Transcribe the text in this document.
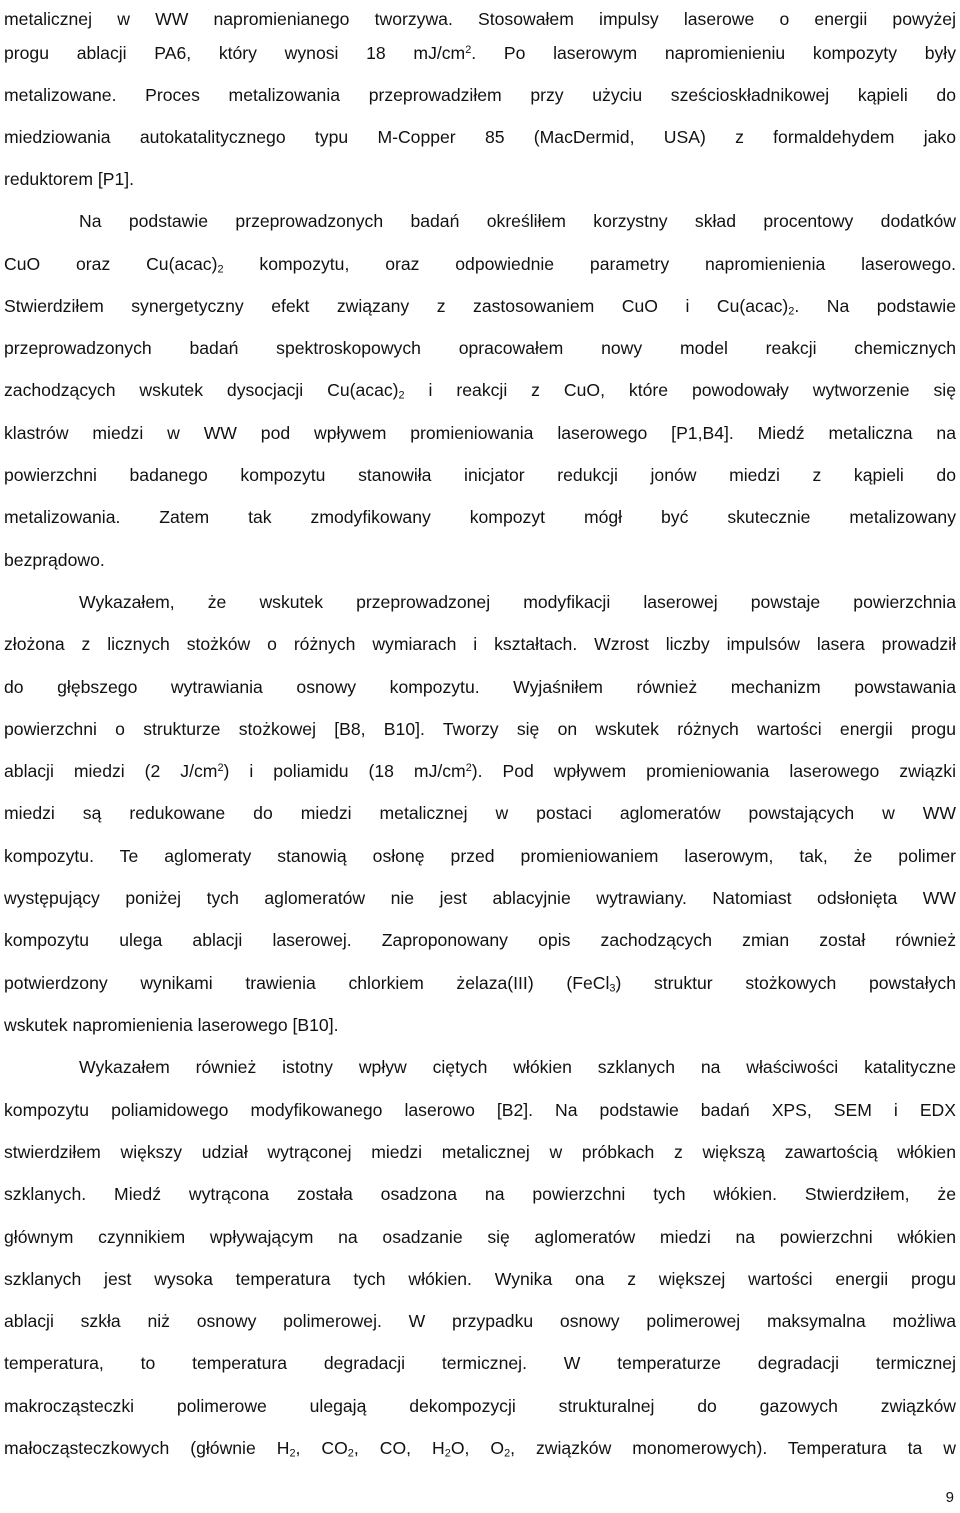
metalicznej w WW napromienianego tworzywa. Stosowałem impulsy laserowe o energii powyżej
progu ablacji PA6, który wynosi 18 $mJ/cm^2$. Po laserowym napromienieniu kompozyty były
metalizowane. Proces metalizowania przeprowadziłem przy użyciu sześcioskładnikowej kąpieli do
miedziowania autokatalitycznego typu M-Copper 85 (MacDermid, USA) z formaldehydem jako
reduktorem [P1].
Na podstawie przeprowadzonych badań określiłem korzystny skład procentowy dodatków
CuO oraz $Cu(acac)_2$ kompozytu, oraz odpowiednie parametry napromienienia laserowego.
Stwierdziłem synergetyczny efekt związany z zastosowaniem CuO i $Cu(acac)_2$. Na podstawie
przeprowadzonych badań spektroskopowych opracowałem nowy model reakcji chemicznych
zachodzących wskutek dysocjacji $Cu(acac)_2$ i reakcji z CuO, które powodowały wytworzenie się
klastrów miedzi w WW pod wpływem promieniowania laserowego [P1,B4]. Miedź metaliczna na
powierzchni badanego kompozytu stanowiła inicjator redukcji jonów miedzi z kąpieli do
metalizowania. Zatem tak zmodyfikowany kompozyt mógł być skutecznie metalizowany
bezprądowo.
Wykazałem, że wskutek przeprowadzonej modyfikacji laserowej powstaje powierzchnia
złożona z licznych stożków o różnych wymiarach i kształtach. Wzrost liczby impulsów lasera prowadził
do głębszego wytrawiania osnowy kompozytu. Wyjaśniłem również mechanizm powstawania
powierzchni o strukturze stożkowej [B8, B10]. Tworzy się on wskutek różnych wartości energii progu
ablacji miedzi (2 $J/cm^2$) i poliamidu (18 $mJ/cm^2$). Pod wpływem promieniowania laserowego związki
miedzi są redukowane do miedzi metalicznej w postaci aglomeratów powstających w WW
kompozytu. Te aglomeraty stanowią osłonę przed promieniowaniem laserowym, tak, że polimer
występujący poniżej tych aglomeratów nie jest ablacyjnie wytrawiany. Natomiast odsłonięta WW
kompozytu ulega ablacji laserowej. Zaproponowany opis zachodzących zmian został również
potwierdzony wynikami trawienia chlorkiem żelaza(III) (FeCl$_3$) struktur stożkowych powstałych
wskutek napromienienia laserowego [B10].
Wykazałem również istotny wpływ ciętych włókien szklanych na właściwości katalityczne
kompozytu poliamidowego modyfikowanego laserowo [B2]. Na podstawie badań XPS, SEM i EDX
stwierdziłem większy udział wytrąconej miedzi metalicznej w próbkach z większą zawartością włókien
szklanych. Miedź wytrącona została osadzona na powierzchni tych włókien. Stwierdziłem, że
głównym czynnikiem wpływającym na osadzanie się aglomeratów miedzi na powierzchni włókien
szklanych jest wysoka temperatura tych włókien. Wynika ona z większej wartości energii progu
ablacji szkła niż osnowy polimerowej. W przypadku osnowy polimerowej maksymalna możliwa
temperatura, to temperatura degradacji termicznej. W temperaturze degradacji termicznej
makrocząsteczki polimerowe ulegają dekompozycji strukturalnej do gazowych związków
małocząsteczkowych (głównie $H_2$, $CO_2$, CO, $H_2O$, $O_2$, związków monomerowych). Temperatura ta w
9
